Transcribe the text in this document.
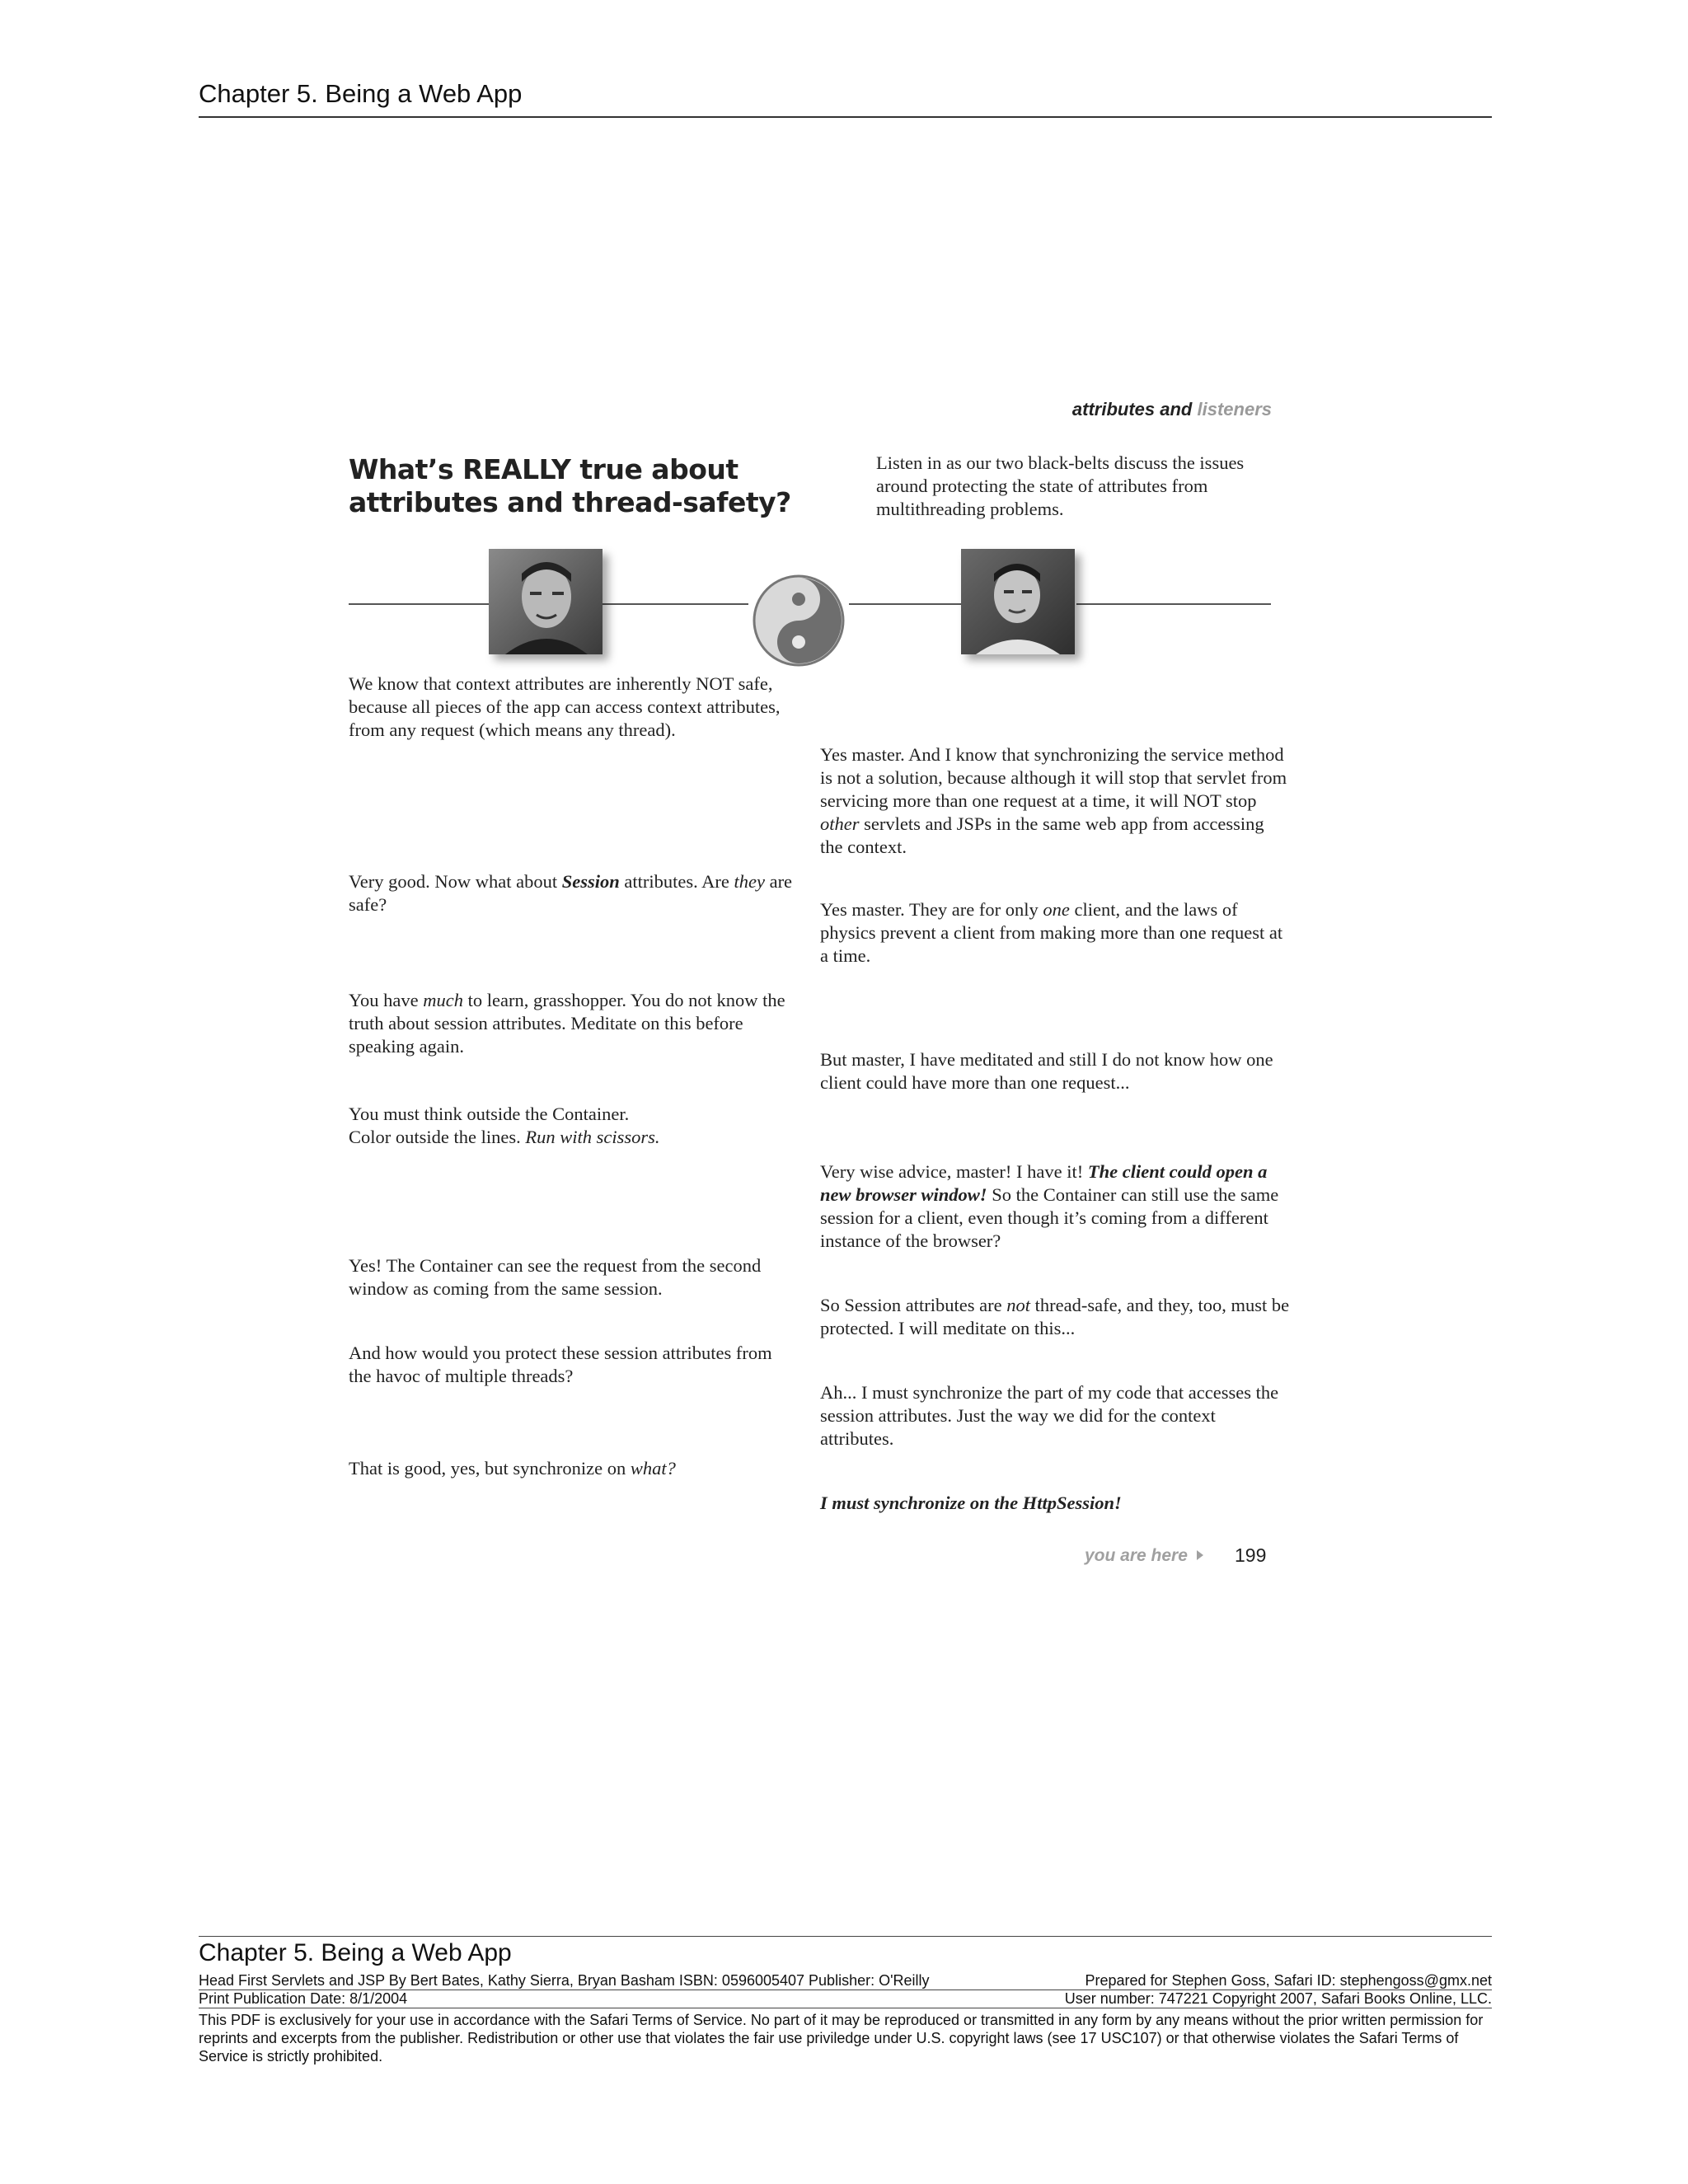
Chapter 5. Being a Web App
attributes and listeners
What’s REALLY true about attributes and thread-safety?
Listen in as our two black-belts discuss the issues around protecting the state of attributes from multithreading problems.
We know that context attributes are inherently NOT safe, because all pieces of the app can access context attributes, from any request (which means any thread).
Very good. Now what about Session attributes. Are they are safe?
You have much to learn, grasshopper. You do not know the truth about session attributes. Meditate on this before speaking again.
You must think outside the Container.
Color outside the lines. Run with scissors.
Yes! The Container can see the request from the second window as coming from the same session.
And how would you protect these session attributes from the havoc of multiple threads?
That is good, yes, but synchronize on what?
Yes master. And I know that synchronizing the service method is not a solution, because although it will stop that servlet from servicing more than one request at a time, it will NOT stop other servlets and JSPs in the same web app from accessing the context.
Yes master. They are for only one client, and the laws of physics prevent a client from making more than one request at a time.
But master, I have meditated and still I do not know how one client could have more than one request...
Very wise advice, master! I have it! The client could open a new browser window! So the Container can still use the same session for a client, even though it’s coming from a different instance of the browser?
So Session attributes are not thread-safe, and they, too, must be protected. I will meditate on this...
Ah... I must synchronize the part of my code that accesses the session attributes. Just the way we did for the context attributes.
I must synchronize on the HttpSession!
you are here 199
Chapter 5. Being a Web App
Head First Servlets and JSP By Bert Bates, Kathy Sierra, Bryan Basham ISBN: 0596005407 Publisher: O'Reilly	Prepared for Stephen Goss, Safari ID: stephengoss@gmx.net
Print Publication Date: 8/1/2004	User number: 747221 Copyright 2007, Safari Books Online, LLC.
This PDF is exclusively for your use in accordance with the Safari Terms of Service. No part of it may be reproduced or transmitted in any form by any means without the prior written permission for reprints and excerpts from the publisher. Redistribution or other use that violates the fair use priviledge under U.S. copyright laws (see 17 USC107) or that otherwise violates the Safari Terms of Service is strictly prohibited.
